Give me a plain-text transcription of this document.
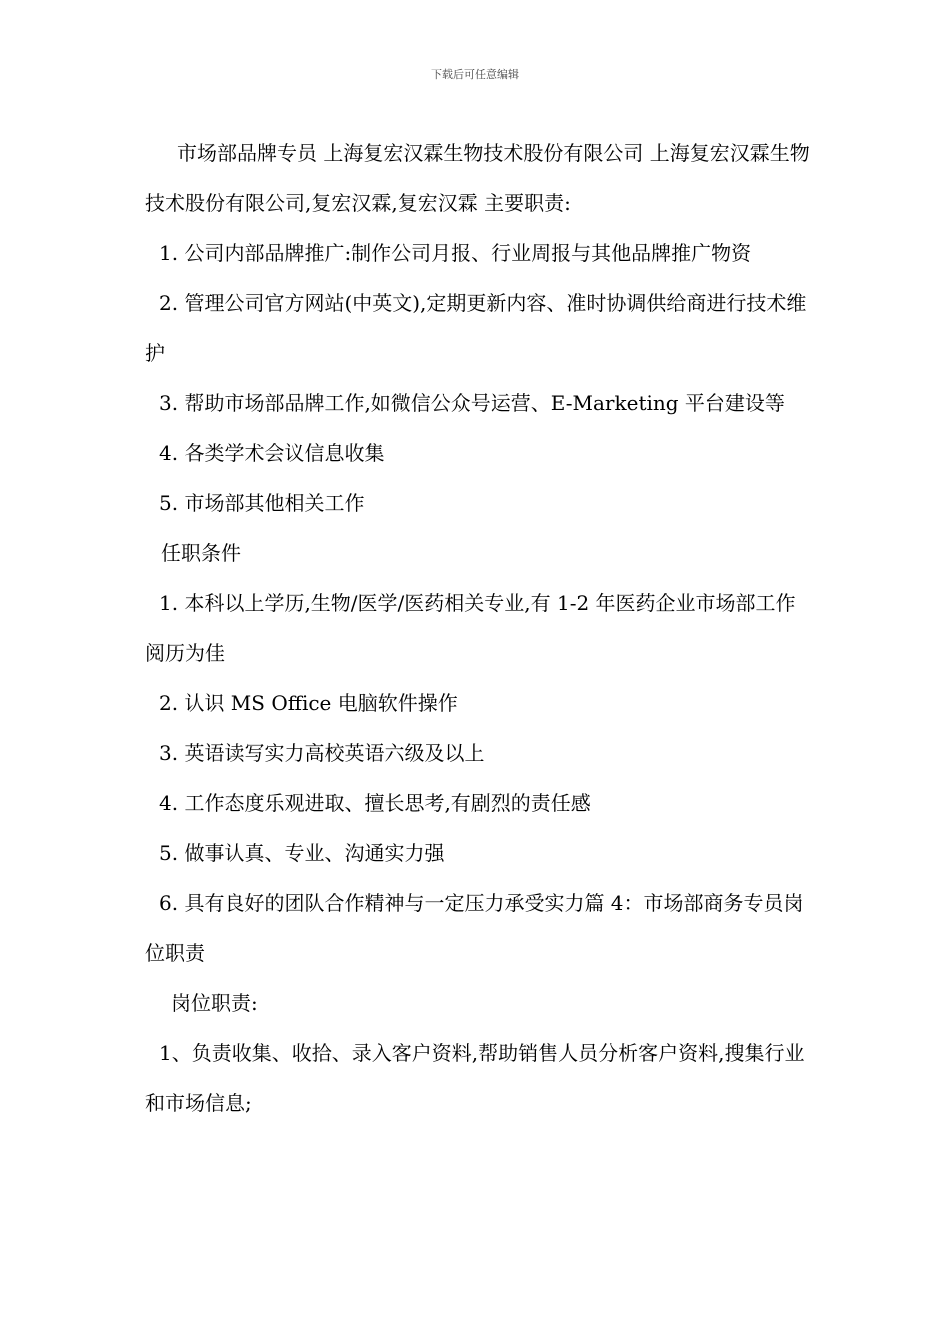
下载后可任意编辑

市场部品牌专员 上海复宏汉霖生物技术股份有限公司 上海复宏汉霖生物技术股份有限公司,复宏汉霖,复宏汉霖 主要职责:

1. 公司内部品牌推广:制作公司月报、行业周报与其他品牌推广物资

2. 管理公司官方网站(中英文),定期更新内容、准时协调供给商进行技术维护

3. 帮助市场部品牌工作,如微信公众号运营、E-Marketing 平台建设等

4. 各类学术会议信息收集

5. 市场部其他相关工作

任职条件

1. 本科以上学历,生物/医学/医药相关专业,有 1-2 年医药企业市场部工作阅历为佳

2. 认识 MS Office 电脑软件操作

3. 英语读写实力高校英语六级及以上

4. 工作态度乐观进取、擅长思考,有剧烈的责任感

5. 做事认真、专业、沟通实力强

6. 具有良好的团队合作精神与一定压力承受实力篇 4：市场部商务专员岗位职责

岗位职责:

1、负责收集、收拾、录入客户资料,帮助销售人员分析客户资料,搜集行业和市场信息;
